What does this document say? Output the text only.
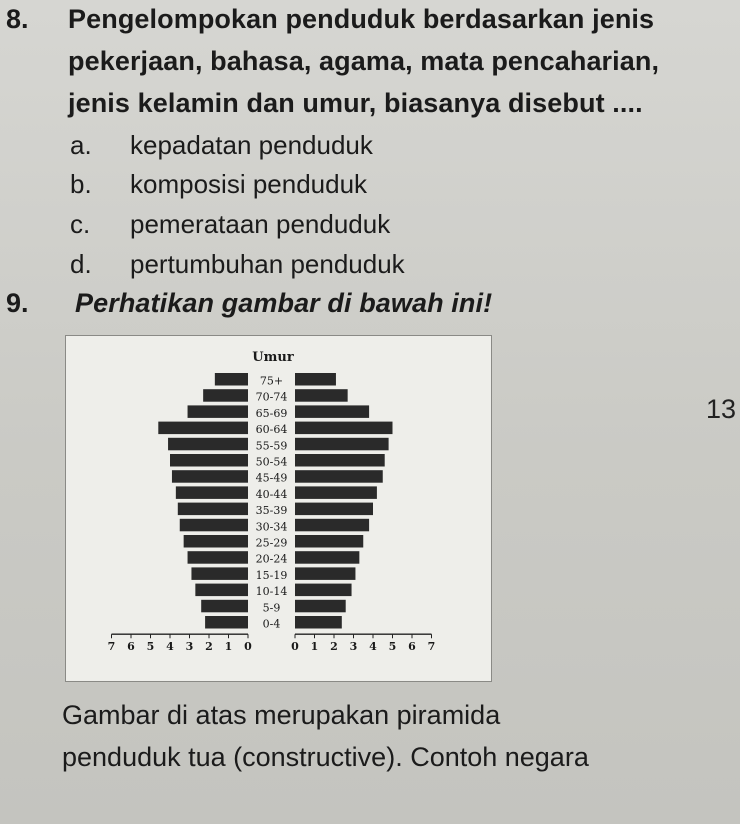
8. Pengelompokan penduduk berdasarkan jenis
pekerjaan, bahasa, agama, mata pencaharian,
jenis kelamin dan umur, biasanya disebut ....
a. kepadatan penduduk
b. komposisi penduduk
c. pemerataan penduduk
d. pertumbuhan penduduk
9. Perhatikan gambar di bawah ini!
Umur
75+
70-74
65-69
60-64
55-59
50-54
45-49
40-44
35-39
30-34
25-29
20-24
15-19
10-14
5-9
0-4
7 6 5 4 3 2 1 0	0 1 2 3 4 5 6 7
13
Gambar di atas merupakan piramida
penduduk tua (constructive). Contoh negara
